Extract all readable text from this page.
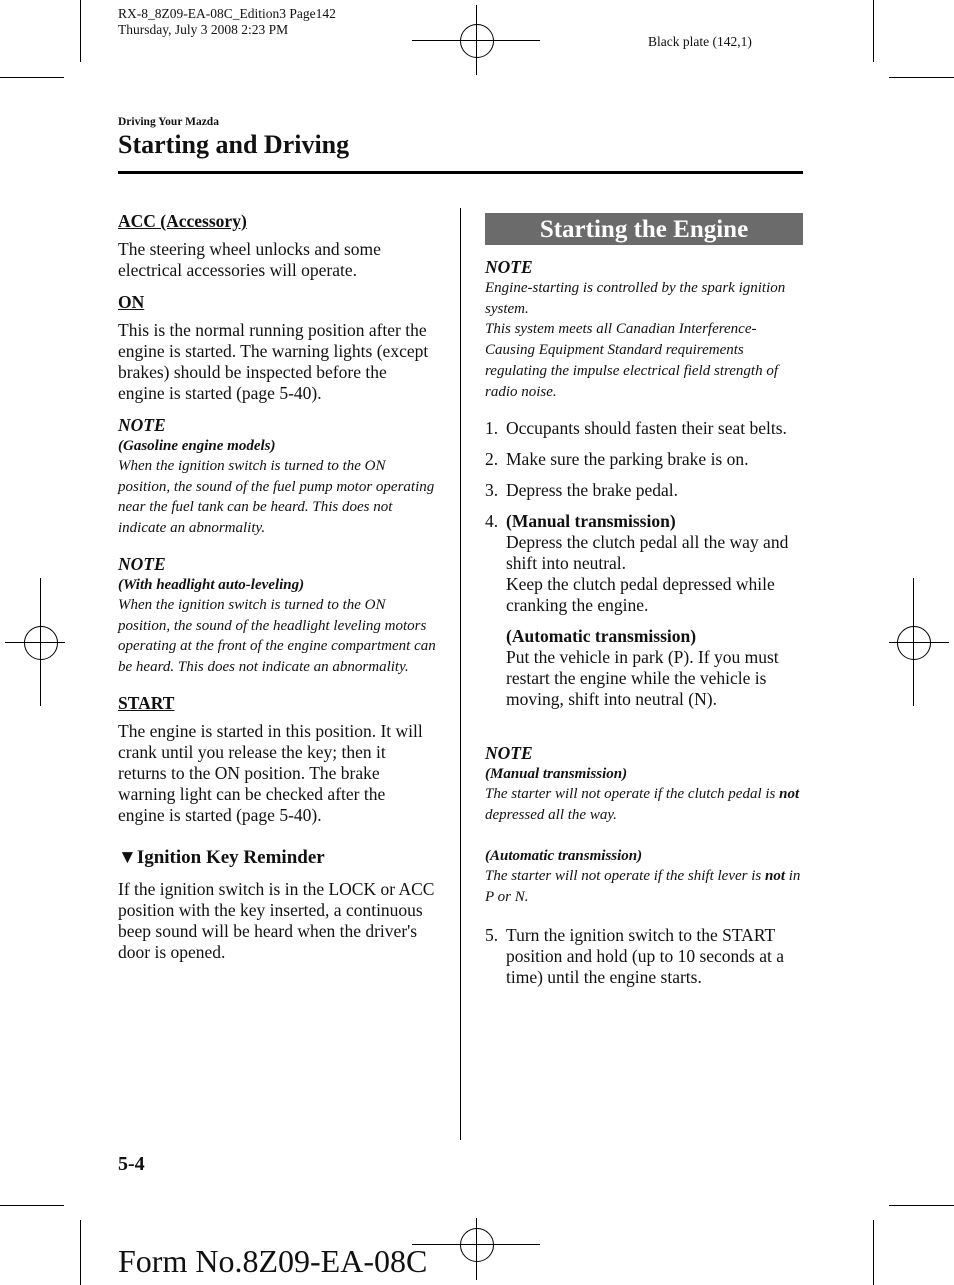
RX-8_8Z09-EA-08C_Edition3 Page142
Thursday, July 3 2008 2:23 PM
Black plate (142,1)
Driving Your Mazda
Starting and Driving

ACC (Accessory)

The steering wheel unlocks and some electrical accessories will operate.

ON

This is the normal running position after the engine is started. The warning lights (except brakes) should be inspected before the engine is started (page 5-40).

NOTE

(Gasoline engine models)

When the ignition switch is turned to the ON position, the sound of the fuel pump motor operating near the fuel tank can be heard. This does not indicate an abnormality.

NOTE

(With headlight auto-leveling)

When the ignition switch is turned to the ON position, the sound of the headlight leveling motors operating at the front of the engine compartment can be heard. This does not indicate an abnormality.

START

The engine is started in this position. It will crank until you release the key; then it returns to the ON position. The brake warning light can be checked after the engine is started (page 5-40).

▼Ignition Key Reminder

If the ignition switch is in the LOCK or ACC position with the key inserted, a continuous beep sound will be heard when the driver's door is opened.

Starting the Engine

NOTE

Engine-starting is controlled by the spark ignition system.

This system meets all Canadian Interference-Causing Equipment Standard requirements regulating the impulse electrical field strength of radio noise.

1. Occupants should fasten their seat belts.
2. Make sure the parking brake is on.
3. Depress the brake pedal.
4. (Manual transmission)
Depress the clutch pedal all the way and shift into neutral.
Keep the clutch pedal depressed while cranking the engine.
(Automatic transmission)
Put the vehicle in park (P). If you must restart the engine while the vehicle is moving, shift into neutral (N).

NOTE

(Manual transmission)

The starter will not operate if the clutch pedal is not depressed all the way.

(Automatic transmission)

The starter will not operate if the shift lever is not in P or N.

5. Turn the ignition switch to the START position and hold (up to 10 seconds at a time) until the engine starts.
5-4
Form No.8Z09-EA-08C
